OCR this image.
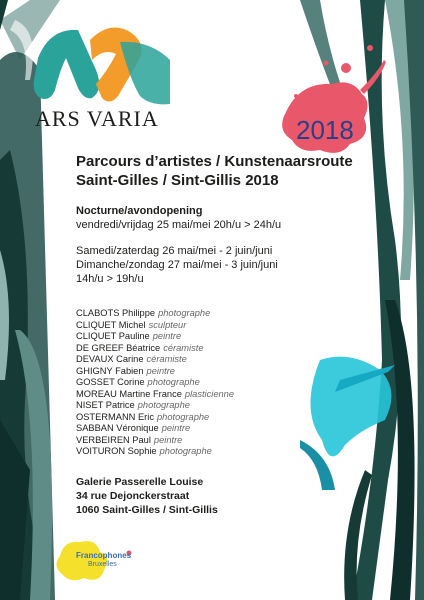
ARS VARIA	2018
Parcours d’artistes / Kunstenaarsroute
Saint-Gilles / Sint-Gillis 2018
Nocturne/avondopening
vendredi/vrijdag 25 mai/mei 20h/u > 24h/u
Samedi/zaterdag 26 mai/mei - 2 juin/juni
Dimanche/zondag 27 mai/mei - 3 juin/juni
14h/u > 19h/u
CLABOTS Philippe photographe
CLIQUET Michel sculpteur
CLIQUET Pauline peintre
DE GREEF Béatrice céramiste
DEVAUX Carine céramiste
GHIGNY Fabien peintre
GOSSET Corine photographe
MOREAU Martine France plasticienne
NISET Patrice photographe
OSTERMANN Eric photographe
SABBAN Véronique peintre
VERBEIREN Paul peintre
VOITURON Sophie photographe
Galerie Passerelle Louise
34 rue Dejonckerstraat
1060 Saint-Gilles / Sint-Gillis
Francophones
Bruxelles
